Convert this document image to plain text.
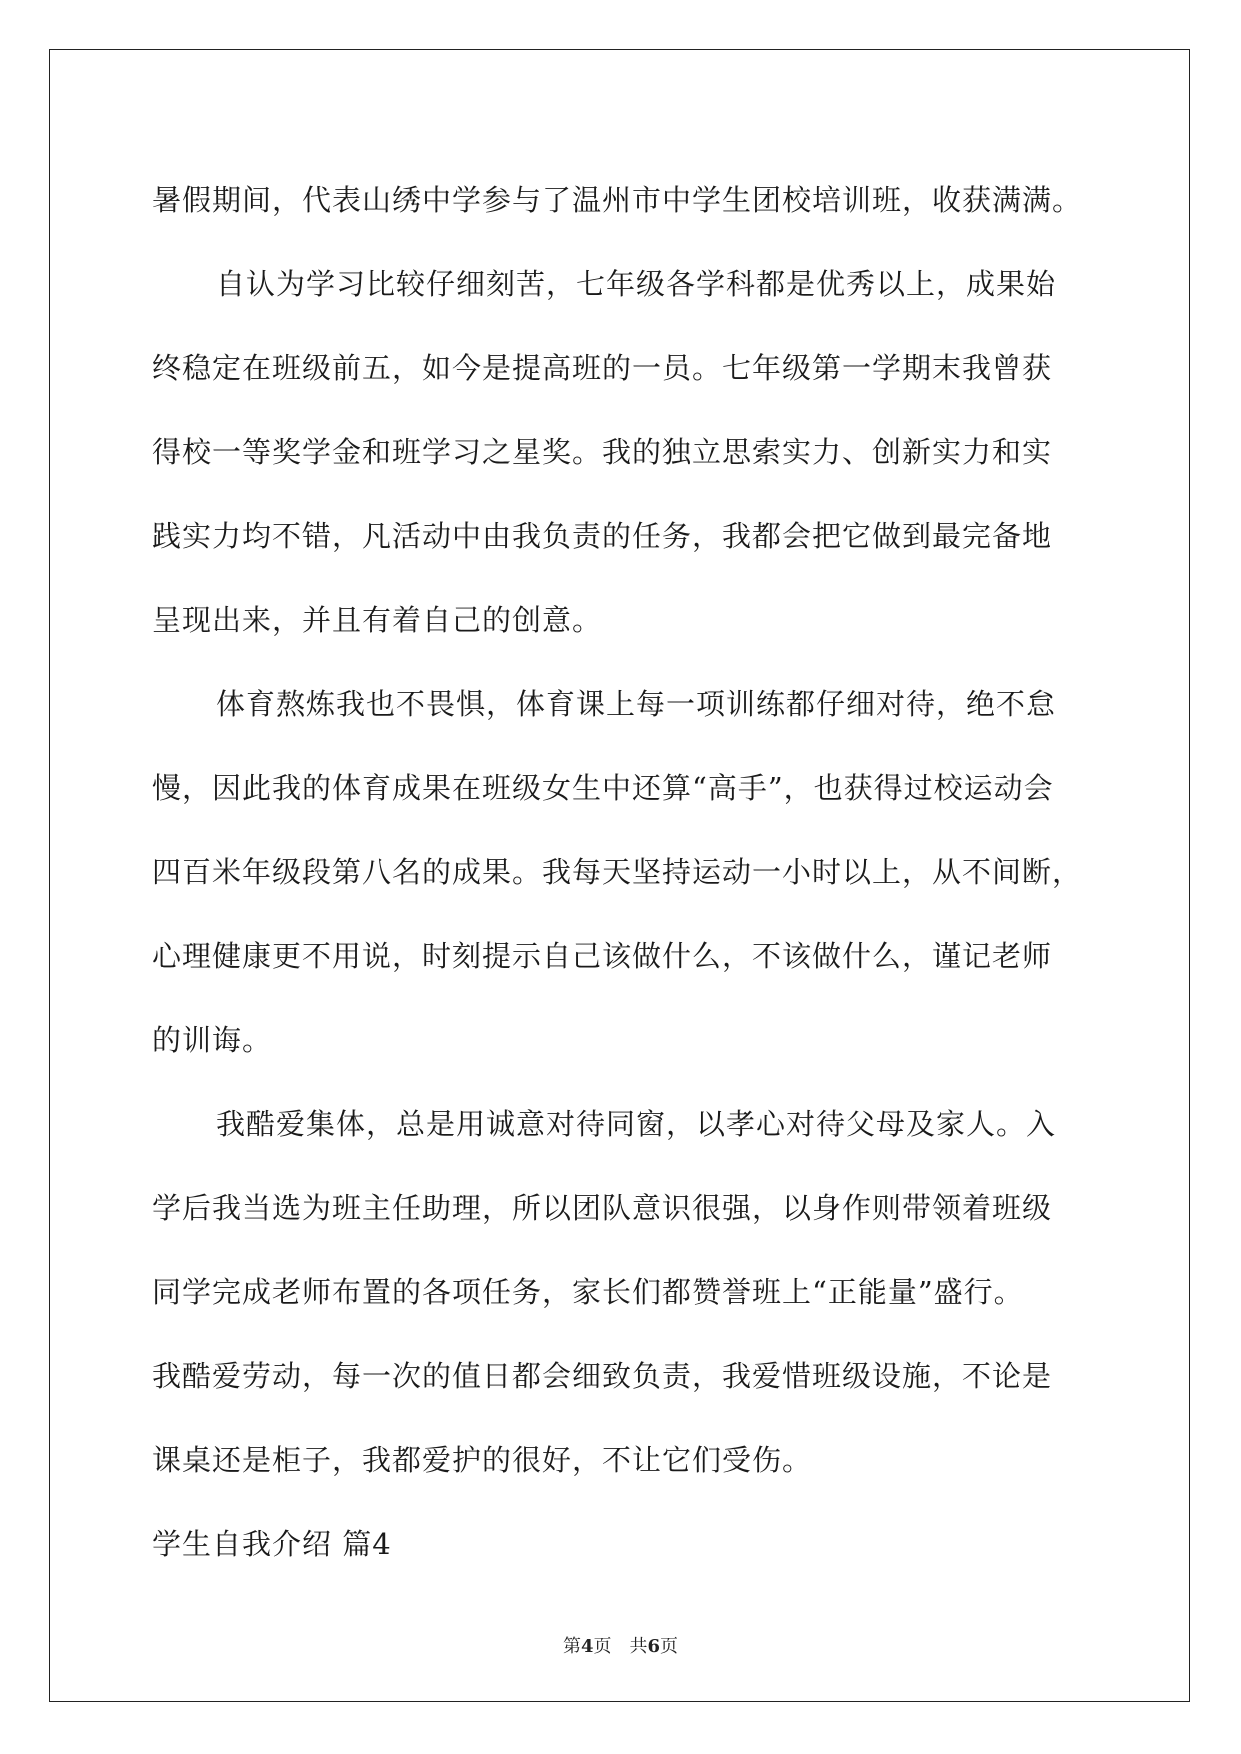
暑假期间，代表山绣中学参与了温州市中学生团校培训班，收获满满。
自认为学习比较仔细刻苦，七年级各学科都是优秀以上，成果始
终稳定在班级前五，如今是提高班的一员。七年级第一学期末我曾获
得校一等奖学金和班学习之星奖。我的独立思索实力、创新实力和实
践实力均不错，凡活动中由我负责的任务，我都会把它做到最完备地
呈现出来，并且有着自己的创意。
体育熬炼我也不畏惧，体育课上每一项训练都仔细对待，绝不怠
慢，因此我的体育成果在班级女生中还算“高手”，也获得过校运动会
四百米年级段第八名的成果。我每天坚持运动一小时以上，从不间断，
心理健康更不用说，时刻提示自己该做什么，不该做什么，谨记老师
的训诲。
我酷爱集体，总是用诚意对待同窗，以孝心对待父母及家人。入
学后我当选为班主任助理，所以团队意识很强，以身作则带领着班级
同学完成老师布置的各项任务，家长们都赞誉班上“正能量”盛行。
我酷爱劳动，每一次的值日都会细致负责，我爱惜班级设施，不论是
课桌还是柜子，我都爱护的很好，不让它们受伤。
学生自我介绍 篇4
第4页　共6页
